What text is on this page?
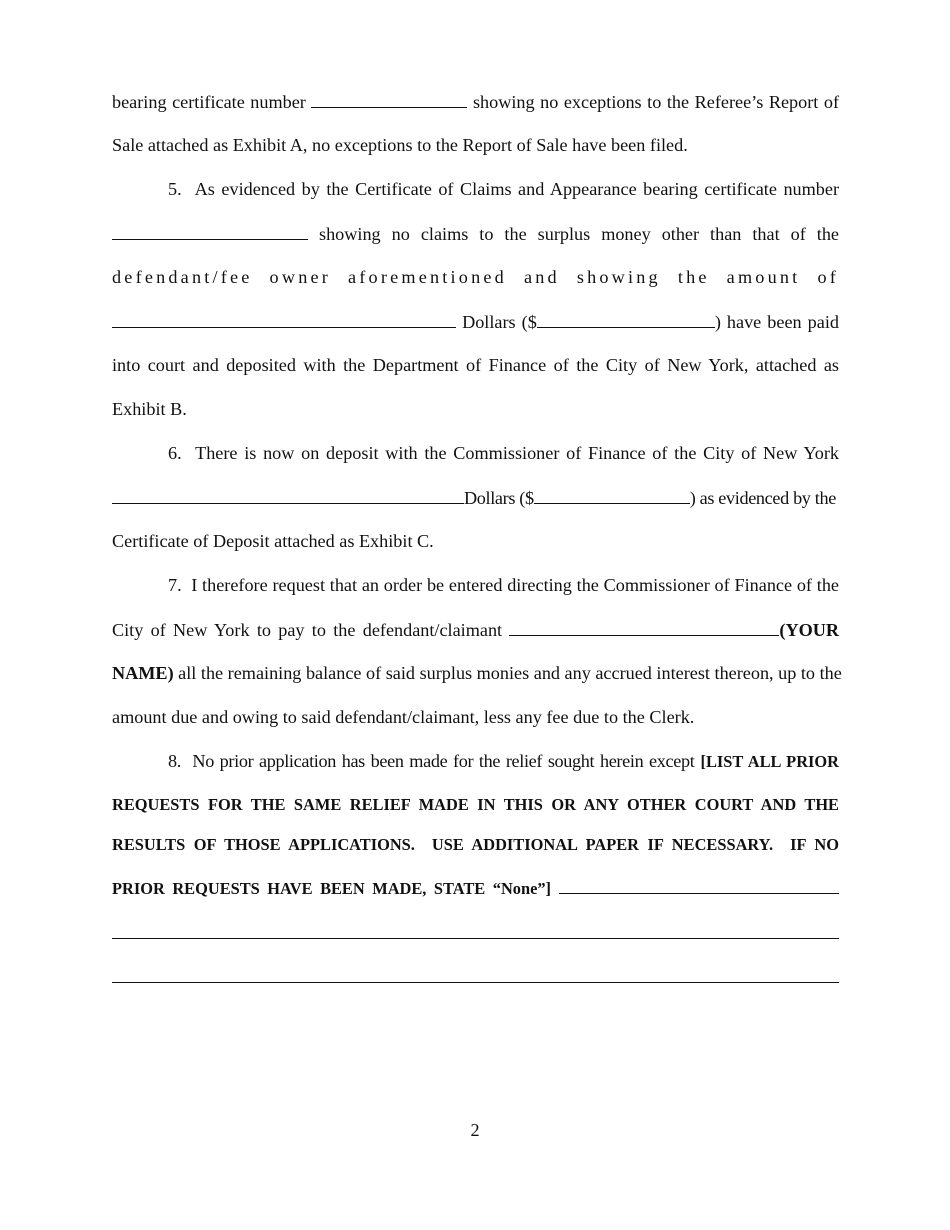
bearing certificate number	showing no exceptions to the Referee’s Report of
Sale attached as Exhibit A, no exceptions to the Report of Sale have been filed.
5.  As evidenced by the Certificate of Claims and Appearance bearing certificate number
showing no claims to the surplus money other than that of the
defendant/fee owner aforementioned and showing the amount of
Dollars ($	) have been paid
into court and deposited with the Department of Finance of the City of New York, attached as
Exhibit B.
6.  There is now on deposit with the Commissioner of Finance of the City of New York
Dollars ($	) as evidenced by the
Certificate of Deposit attached as Exhibit C.
7.  I therefore request that an order be entered directing the Commissioner of Finance of the
City of New York to pay to the defendant/claimant	(YOUR
NAME) all the remaining balance of said surplus monies and any accrued interest thereon, up to the
amount due and owing to said defendant/claimant, less any fee due to the Clerk.
8.  No prior application has been made for the relief sought herein except [LIST ALL PRIOR
REQUESTS FOR THE SAME RELIEF MADE IN THIS OR ANY OTHER COURT AND THE
RESULTS OF THOSE APPLICATIONS.  USE ADDITIONAL PAPER IF NECESSARY.  IF NO
PRIOR REQUESTS HAVE BEEN MADE, STATE “None”]
2
